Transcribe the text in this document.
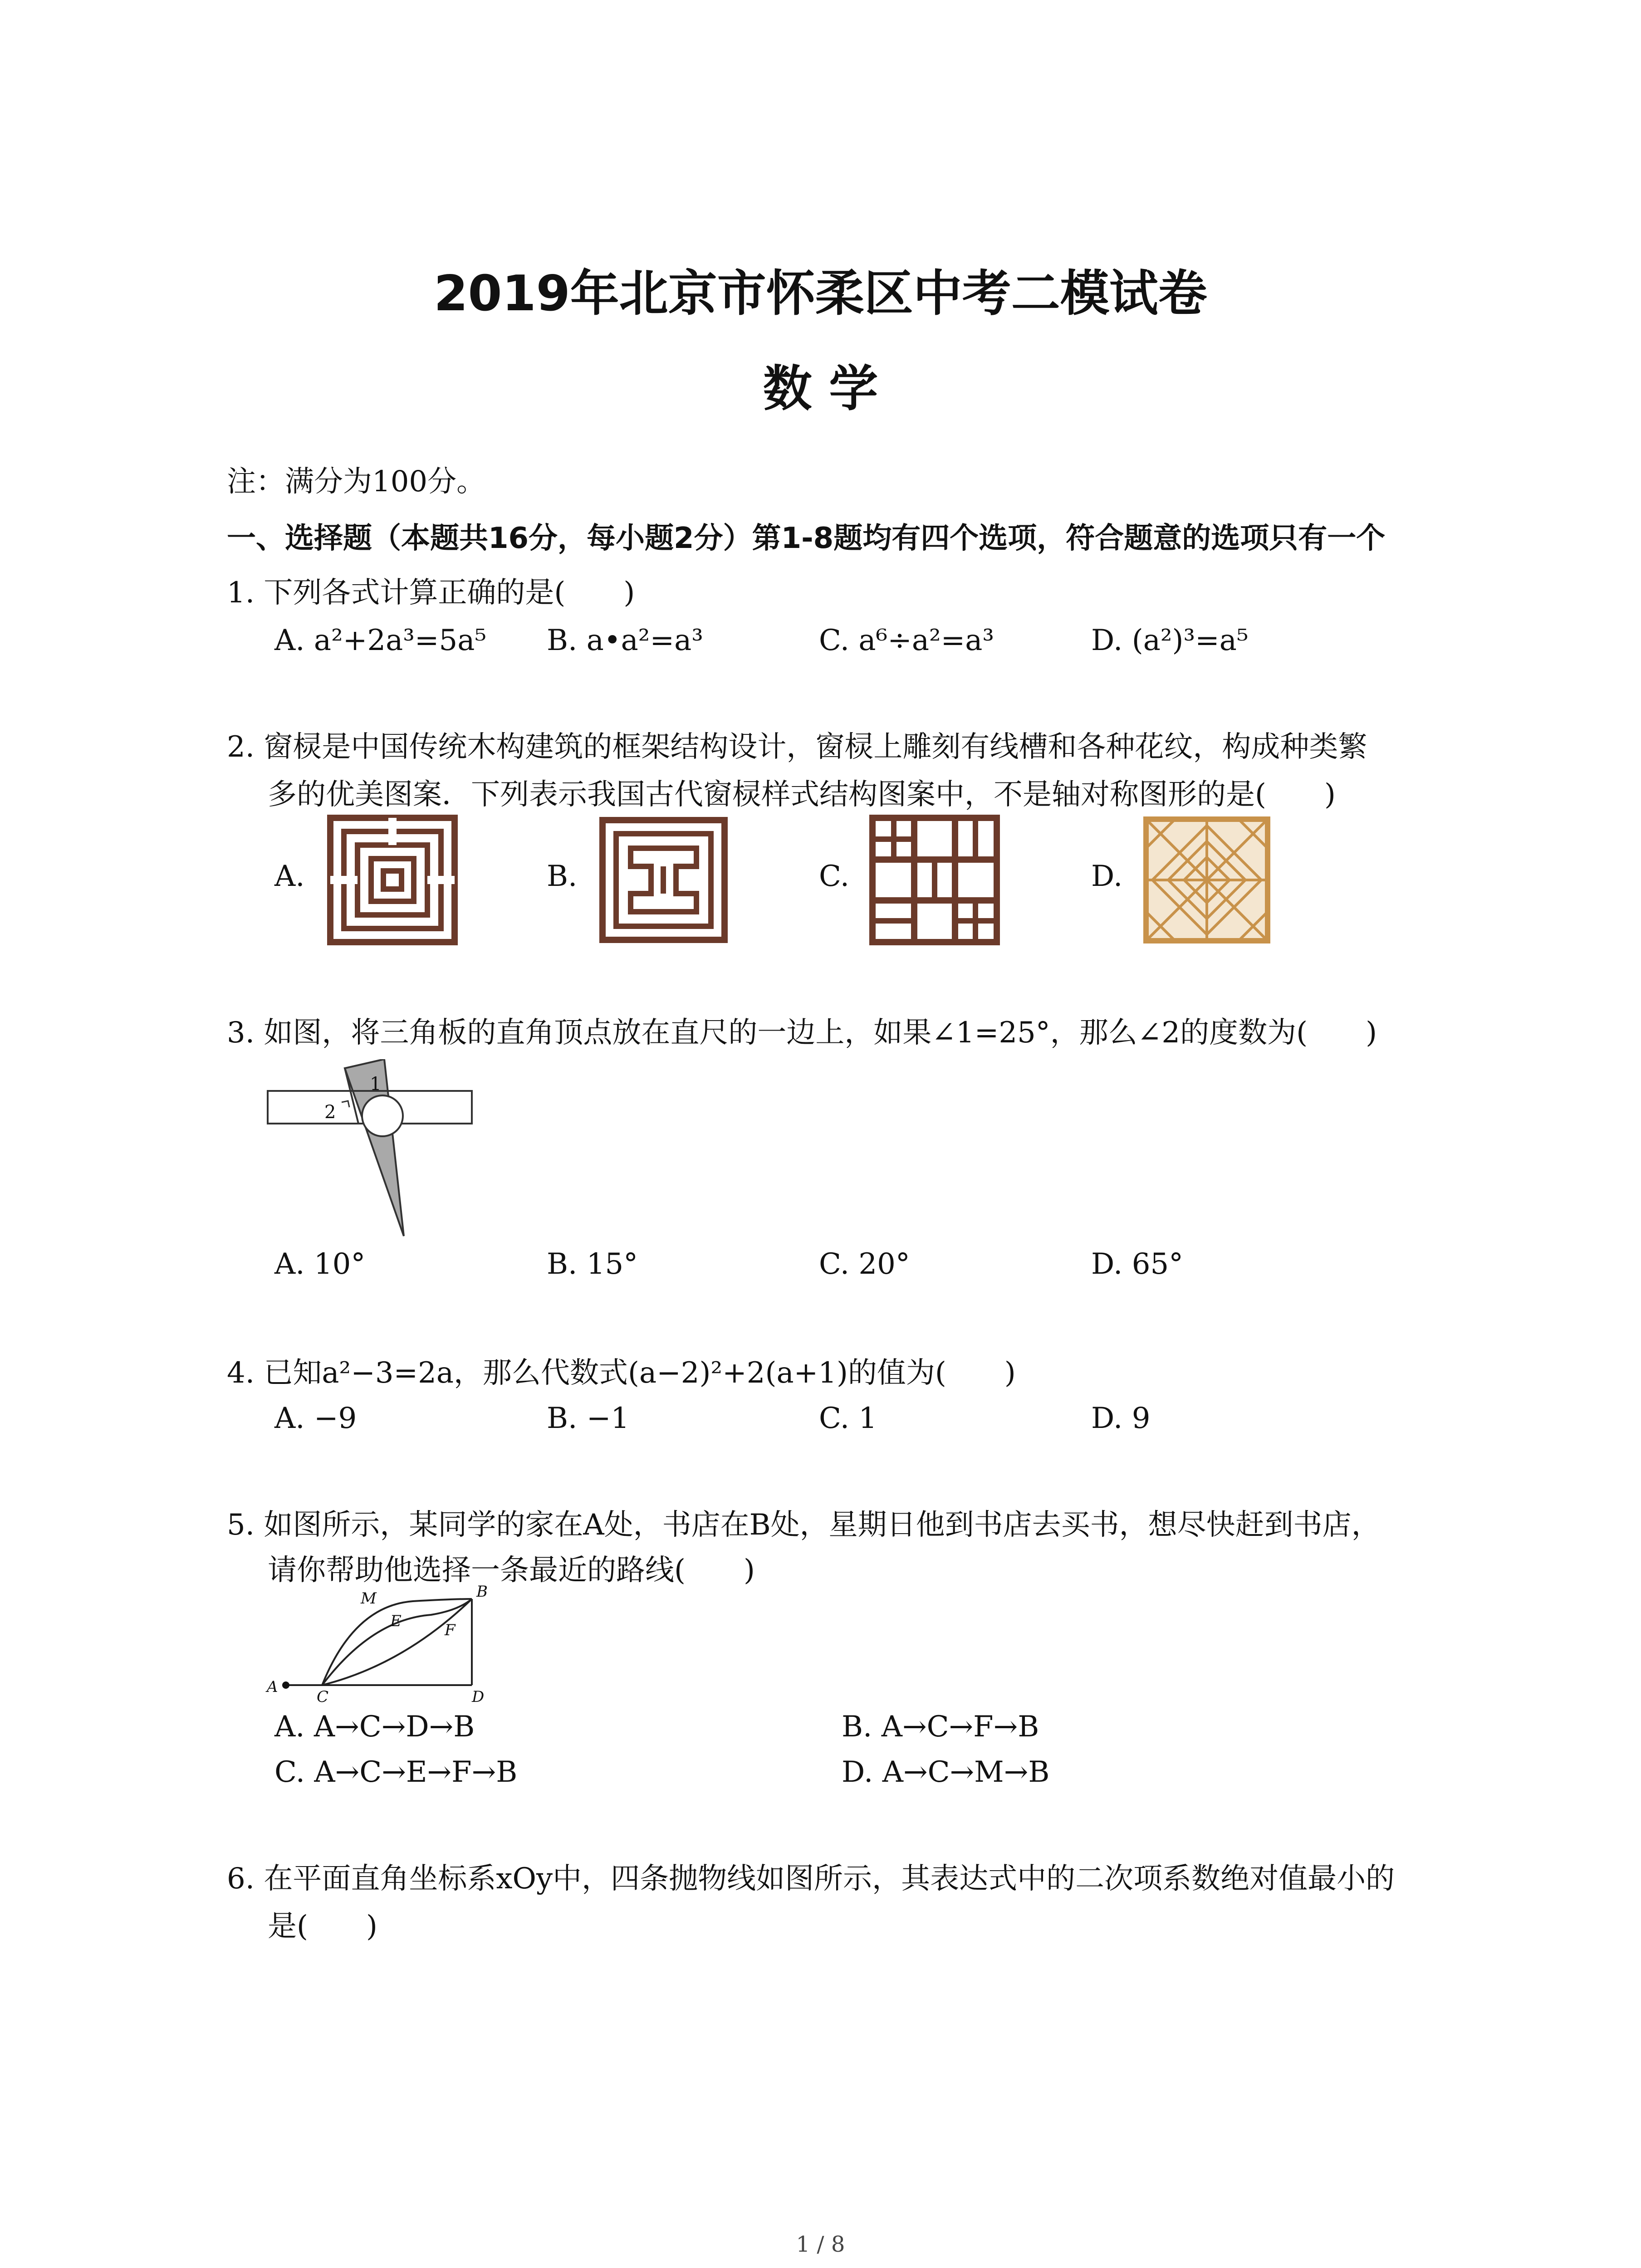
2019年北京市怀柔区中考二模试卷
数 学
注：满分为100分。
一、选择题（本题共16分，每小题2分）第1-8题均有四个选项，符合题意的选项只有一个
1. 下列各式计算正确的是(　　)
A. a²+2a³=5a⁵ B. a•a²=a³	C. a⁶÷a²=a³	D. (a²)³=a⁵
2. 窗棂是中国传统木构建筑的框架结构设计，窗棂上雕刻有线槽和各种花纹，构成种类繁
多的优美图案．下列表示我国古代窗棂样式结构图案中，不是轴对称图形的是(　　)
A.	B.	C.	D.
3. 如图，将三角板的直角顶点放在直尺的一边上，如果∠1=25°，那么∠2的度数为(　　)
1
2
A. 10°	B. 15°	C. 20°	D. 65°
4. 已知a²−3=2a，那么代数式(a−2)²+2(a+1)的值为(　　)
A. −9	B. −1	C. 1	D. 9
5. 如图所示，某同学的家在A处，书店在B处，星期日他到书店去买书，想尽快赶到书店，
请你帮助他选择一条最近的路线(　　)
A
B
C	D
M
E	F
A. A→C→D→B	B. A→C→F→B
C. A→C→E→F→B	D. A→C→M→B
6. 在平面直角坐标系xOy中，四条抛物线如图所示，其表达式中的二次项系数绝对值最小的
是(　　)
1 / 8
